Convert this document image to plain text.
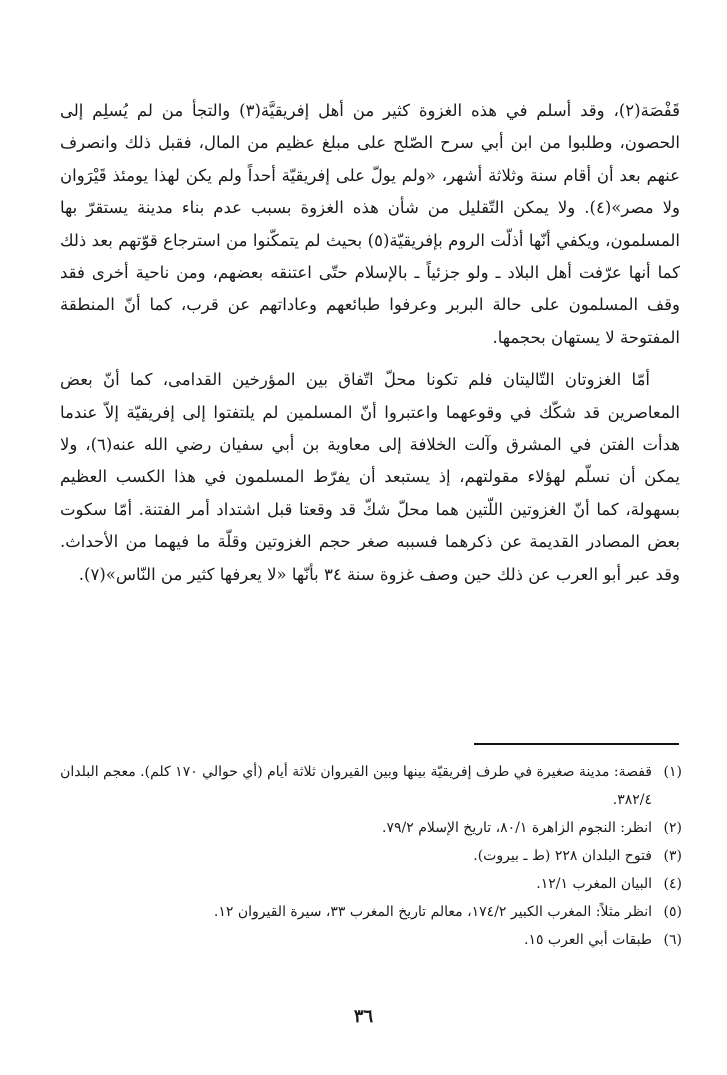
قَفْصَة(٢)، وقد أسلم في هذه الغزوة كثير من أهل إفريقيَّة(٣) والتجأ من لم يُسلِم إلى الحصون، وطلبوا من ابن أبي سرح الصّلح على مبلغ عظيم من المال، فقبل ذلك وانصرف عنهم بعد أن أقام سنة وثلاثة أشهر، «ولم يولّ على إفريقيّة أحداً ولم يكن لهذا يومئذ قَيْرَوان ولا مصر»(٤). ولا يمكن التّقليل من شأن هذه الغزوة بسبب عدم بناء مدينة يستقرّ بها المسلمون، ويكفي أنّها أذلّت الروم بإفريقيّة(٥) بحيث لم يتمكّنوا من استرجاع قوّتهم بعد ذلك كما أنها عرّفت أهل البلاد ـ ولو جزئياً ـ بالإسلام حتّى اعتنقه بعضهم، ومن ناحية أخرى فقد وقف المسلمون على حالة البربر وعرفوا طبائعهم وعاداتهم عن قرب، كما أنّ المنطقة المفتوحة لا يستهان بحجمها.

أمّا الغزوتان التّاليتان فلم تكونا محلّ اتّفاق بين المؤرخين القدامى، كما أنّ بعض المعاصرين قد شكّك في وقوعهما واعتبروا أنّ المسلمين لم يلتفتوا إلى إفريقيّة إلاّ عندما هدأت الفتن في المشرق وآلت الخلافة إلى معاوية بن أبي سفيان رضي الله عنه(٦)، ولا يمكن أن نسلّم لهؤلاء مقولتهم، إذ يستبعد أن يفرّط المسلمون في هذا الكسب العظيم بسهولة، كما أنّ الغزوتين اللّتين هما محلّ شكّ قد وقعتا قبل اشتداد أمر الفتنة. أمّا سكوت بعض المصادر القديمة عن ذكرهما فسببه صغر حجم الغزوتين وقلّة ما فيهما من الأحداث. وقد عبر أبو العرب عن ذلك حين وصف غزوة سنة ٣٤ بأنّها «لا يعرفها كثير من النّاس»(٧).

(١)قفصة: مدينة صغيرة في طرف إفريقيّة بينها وبين القيروان ثلاثة أيام (أي حوالي ١٧٠ كلم). معجم البلدان ٣٨٢/٤.

(٢)انظر: النجوم الزاهرة ٨٠/١، تاريخ الإسلام ٧٩/٢.

(٣)فتوح البلدان ٢٢٨ (ط ـ بيروت).

(٤)البيان المغرب ١٢/١.

(٥)انظر مثلاً: المغرب الكبير ١٧٤/٢، معالم تاريخ المغرب ٣٣، سيرة القيروان ١٢.

(٦)طبقات أبي العرب ١٥.

٣٦
